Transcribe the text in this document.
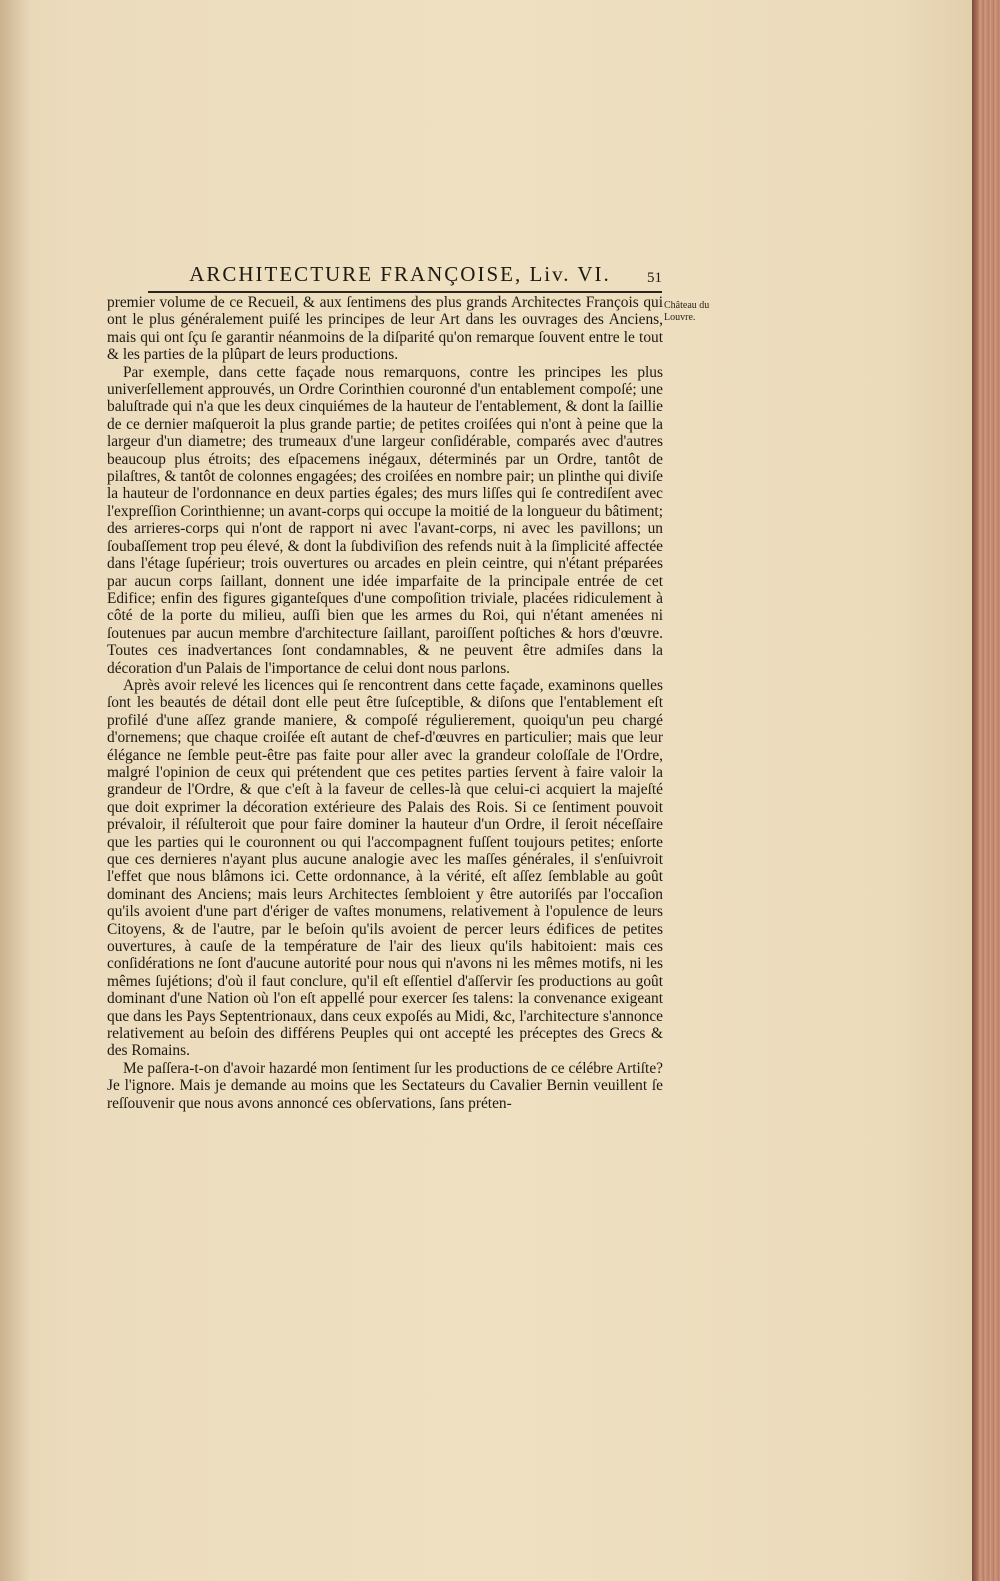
ARCHITECTURE FRANÇOISE, Liv. VI.	51
Château du Louvre.

premier volume de ce Recueil, & aux ſentimens des plus grands Architectes François qui ont le plus généralement puiſé les principes de leur Art dans les ouvrages des Anciens, mais qui ont ſçu ſe garantir néanmoins de la diſparité qu'on remarque ſouvent entre le tout & les parties de la plûpart de leurs productions.

Par exemple, dans cette façade nous remarquons, contre les principes les plus univerſellement approuvés, un Ordre Corinthien couronné d'un entablement compoſé; une baluſtrade qui n'a que les deux cinquiémes de la hauteur de l'entablement, & dont la ſaillie de ce dernier maſqueroit la plus grande partie; de petites croiſées qui n'ont à peine que la largeur d'un diametre; des trumeaux d'une largeur conſidérable, comparés avec d'autres beaucoup plus étroits; des eſpacemens inégaux, déterminés par un Ordre, tantôt de pilaſtres, & tantôt de colonnes engagées; des croiſées en nombre pair; un plinthe qui diviſe la hauteur de l'ordonnance en deux parties égales; des murs liſſes qui ſe contrediſent avec l'expreſſion Corinthienne; un avant-corps qui occupe la moitié de la longueur du bâtiment; des arrieres-corps qui n'ont de rapport ni avec l'avant-corps, ni avec les pavillons; un ſoubaſſement trop peu élevé, & dont la ſubdiviſion des refends nuit à la ſimplicité affectée dans l'étage ſupérieur; trois ouvertures ou arcades en plein ceintre, qui n'étant préparées par aucun corps ſaillant, donnent une idée imparfaite de la principale entrée de cet Edifice; enfin des figures giganteſques d'une compoſition triviale, placées ridiculement à côté de la porte du milieu, auſſi bien que les armes du Roi, qui n'étant amenées ni ſoutenues par aucun membre d'architecture ſaillant, paroiſſent poſtiches & hors d'œuvre. Toutes ces inadvertances ſont condamnables, & ne peuvent être admiſes dans la décoration d'un Palais de l'importance de celui dont nous parlons.

Après avoir relevé les licences qui ſe rencontrent dans cette façade, examinons quelles ſont les beautés de détail dont elle peut être ſuſceptible, & diſons que l'entablement eſt profilé d'une aſſez grande maniere, & compoſé régulierement, quoiqu'un peu chargé d'ornemens; que chaque croiſée eſt autant de chef-d'œuvres en particulier; mais que leur élégance ne ſemble peut-être pas faite pour aller avec la grandeur coloſſale de l'Ordre, malgré l'opinion de ceux qui prétendent que ces petites parties ſervent à faire valoir la grandeur de l'Ordre, & que c'eſt à la faveur de celles-là que celui-ci acquiert la majeſté que doit exprimer la décoration extérieure des Palais des Rois. Si ce ſentiment pouvoit prévaloir, il réſulteroit que pour faire dominer la hauteur d'un Ordre, il ſeroit néceſſaire que les parties qui le couronnent ou qui l'accompagnent fuſſent toujours petites; enſorte que ces dernieres n'ayant plus aucune analogie avec les maſſes générales, il s'enſuivroit l'effet que nous blâmons ici. Cette ordonnance, à la vérité, eſt aſſez ſemblable au goût dominant des Anciens; mais leurs Architectes ſembloient y être autoriſés par l'occaſion qu'ils avoient d'une part d'ériger de vaſtes monumens, relativement à l'opulence de leurs Citoyens, & de l'autre, par le beſoin qu'ils avoient de percer leurs édifices de petites ouvertures, à cauſe de la température de l'air des lieux qu'ils habitoient: mais ces conſidérations ne ſont d'aucune autorité pour nous qui n'avons ni les mêmes motifs, ni les mêmes ſujétions; d'où il faut conclure, qu'il eſt eſſentiel d'aſſervir ſes productions au goût dominant d'une Nation où l'on eſt appellé pour exercer ſes talens: la convenance exigeant que dans les Pays Septentrionaux, dans ceux expoſés au Midi, &c, l'architecture s'annonce relativement au beſoin des différens Peuples qui ont accepté les préceptes des Grecs & des Romains.

Me paſſera-t-on d'avoir hazardé mon ſentiment ſur les productions de ce célébre Artiſte? Je l'ignore. Mais je demande au moins que les Sectateurs du Cavalier Bernin veuillent ſe reſſouvenir que nous avons annoncé ces obſervations, ſans préten-
